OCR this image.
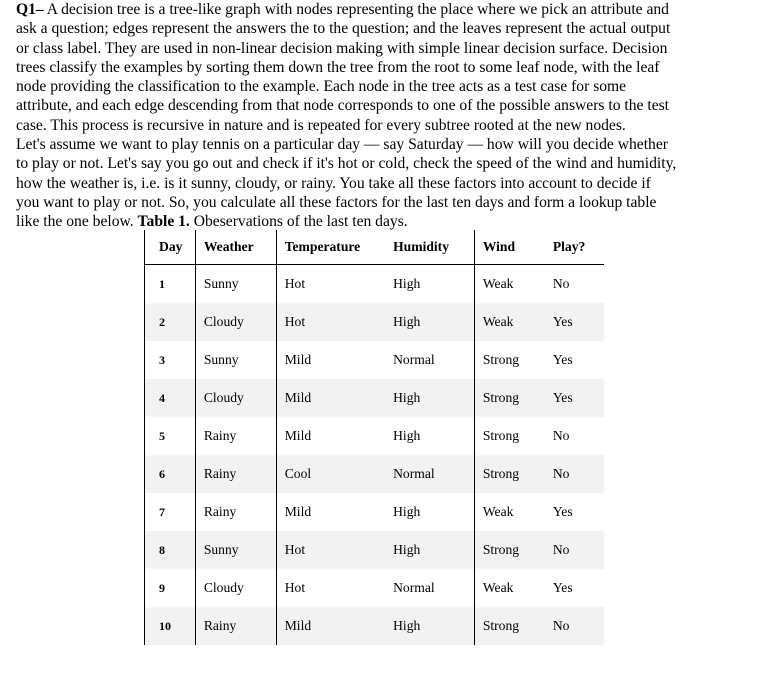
Q1– A decision tree is a tree-like graph with nodes representing the place where we pick an attribute and
ask a question; edges represent the answers the to the question; and the leaves represent the actual output
or class label. They are used in non-linear decision making with simple linear decision surface. Decision
trees classify the examples by sorting them down the tree from the root to some leaf node, with the leaf
node providing the classification to the example. Each node in the tree acts as a test case for some
attribute, and each edge descending from that node corresponds to one of the possible answers to the test
case. This process is recursive in nature and is repeated for every subtree rooted at the new nodes.

Let's assume we want to play tennis on a particular day — say Saturday — how will you decide whether
to play or not. Let's say you go out and check if it's hot or cold, check the speed of the wind and humidity,
how the weather is, i.e. is it sunny, cloudy, or rainy. You take all these factors into account to decide if
you want to play or not. So, you calculate all these factors for the last ten days and form a lookup table
like the one below. Table 1. Obeservations of the last ten days.

Day	Weather	Temperature	Humidity	Wind	Play?
1	Sunny	Hot	High	Weak	No
2	Cloudy	Hot	High	Weak	Yes
3	Sunny	Mild	Normal	Strong	Yes
4	Cloudy	Mild	High	Strong	Yes
5	Rainy	Mild	High	Strong	No
6	Rainy	Cool	Normal	Strong	No
7	Rainy	Mild	High	Weak	Yes
8	Sunny	Hot	High	Strong	No
9	Cloudy	Hot	Normal	Weak	Yes
10	Rainy	Mild	High	Strong	No
